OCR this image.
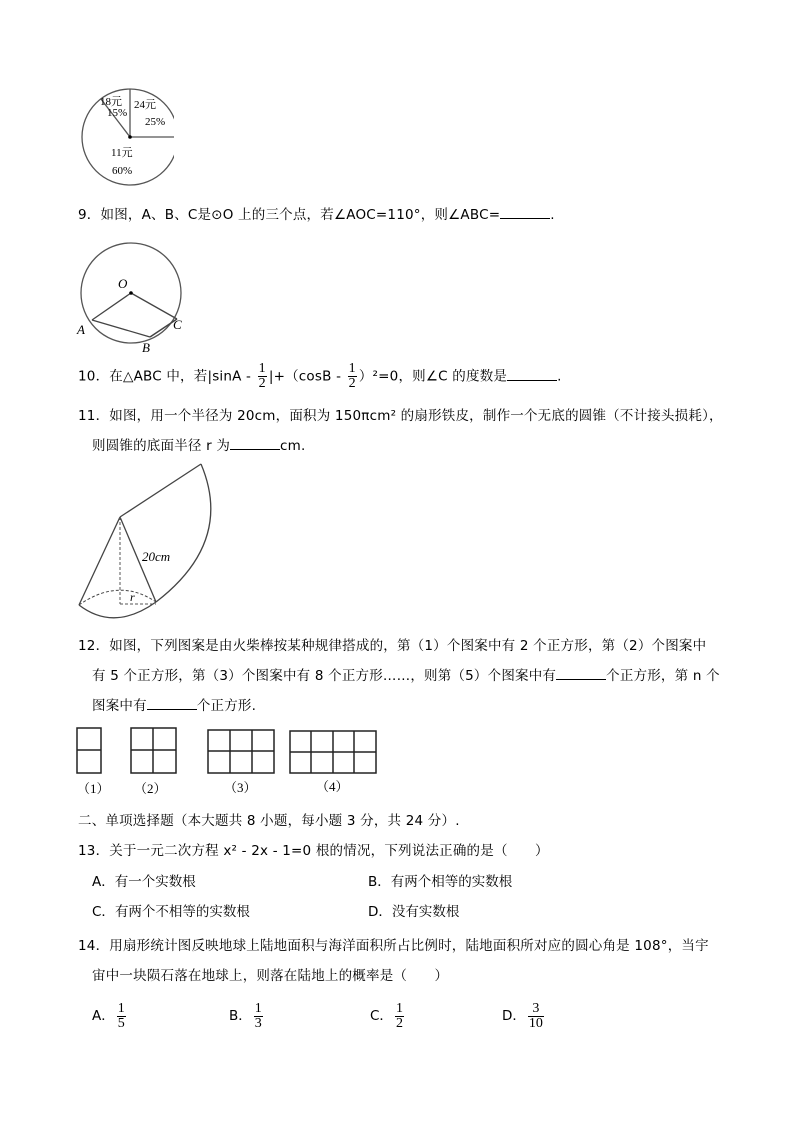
18元
15%
24元
25%
11元
60%
9．如图，A、B、C是⊙O 上的三个点，若∠AOC=110°，则∠ABC=	.
O
A
B
C
10．在△ABC 中，若$|\sin A - \frac{1}{2} |+(\cos B - \frac{1}{2} )^2=0$，则∠C 的度数是	.
11．如图，用一个半径为 20cm，面积为 150πcm² 的扇形铁皮，制作一个无底的圆锥（不计接头损耗），
则圆锥的底面半径 r 为	cm.
20cm
r
12．如图，下列图案是由火柴棒按某种规律搭成的，第（1）个图案中有 2 个正方形，第（2）个图案中
有 5 个正方形，第（3）个图案中有 8 个正方形……，则第（5）个图案中有	个正方形，第 n 个
图案中有	个正方形.
（1） （2）	（3）	（4）
二、单项选择题（本大题共 8 小题，每小题 3 分，共 24 分）.
13．关于一元二次方程 x² - 2x - 1=0 根的情况，下列说法正确的是（　　）
A．有一个实数根	B．有两个相等的实数根
C．有两个不相等的实数根	D．没有实数根
14．用扇形统计图反映地球上陆地面积与海洋面积所占比例时，陆地面积所对应的圆心角是 108°，当宇
宙中一块陨石落在地球上，则落在陆地上的概率是（　　）
A． $\frac{1}{5}$	B． $\frac{1}{3}$	C． $\frac{1}{2}$	D． $\frac{3}{10}$
